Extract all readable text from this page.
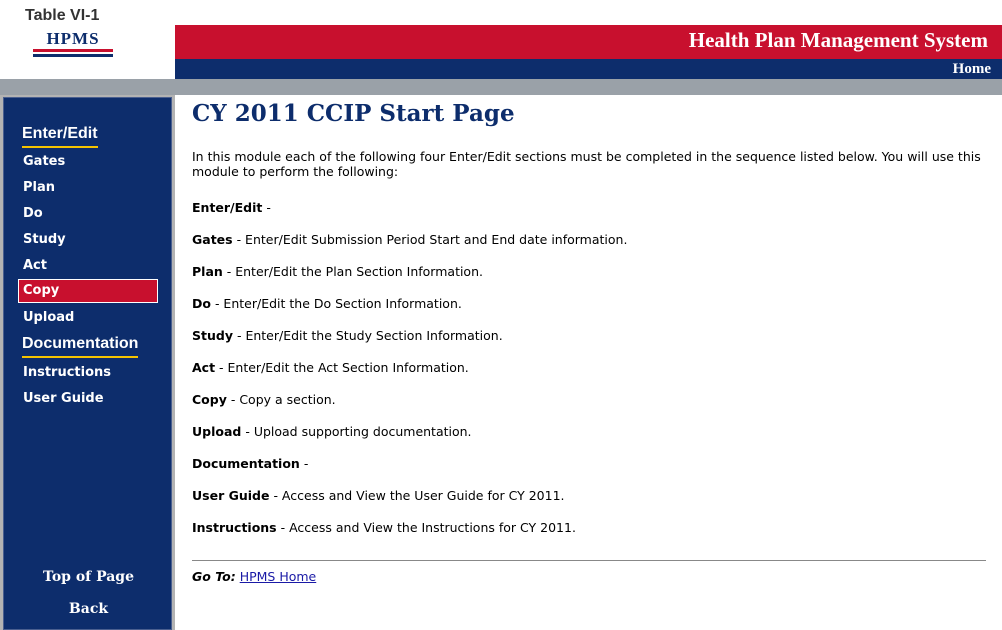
Table VI-1
HPMS	Health Plan Management System
Home
Enter/Edit
Gates
Plan
Do
Study
Act
Copy
Upload
Documentation
Instructions
User Guide
Top of Page
Back
CY 2011 CCIP Start Page

In this module each of the following four Enter/Edit sections must be completed in the sequence listed below. You will use this module to perform the following:

Enter/Edit -

Gates - Enter/Edit Submission Period Start and End date information.

Plan - Enter/Edit the Plan Section Information.

Do - Enter/Edit the Do Section Information.

Study - Enter/Edit the Study Section Information.

Act - Enter/Edit the Act Section Information.

Copy - Copy a section.

Upload - Upload supporting documentation.

Documentation -

User Guide - Access and View the User Guide for CY 2011.

Instructions - Access and View the Instructions for CY 2011.

Go To: HPMS Home
